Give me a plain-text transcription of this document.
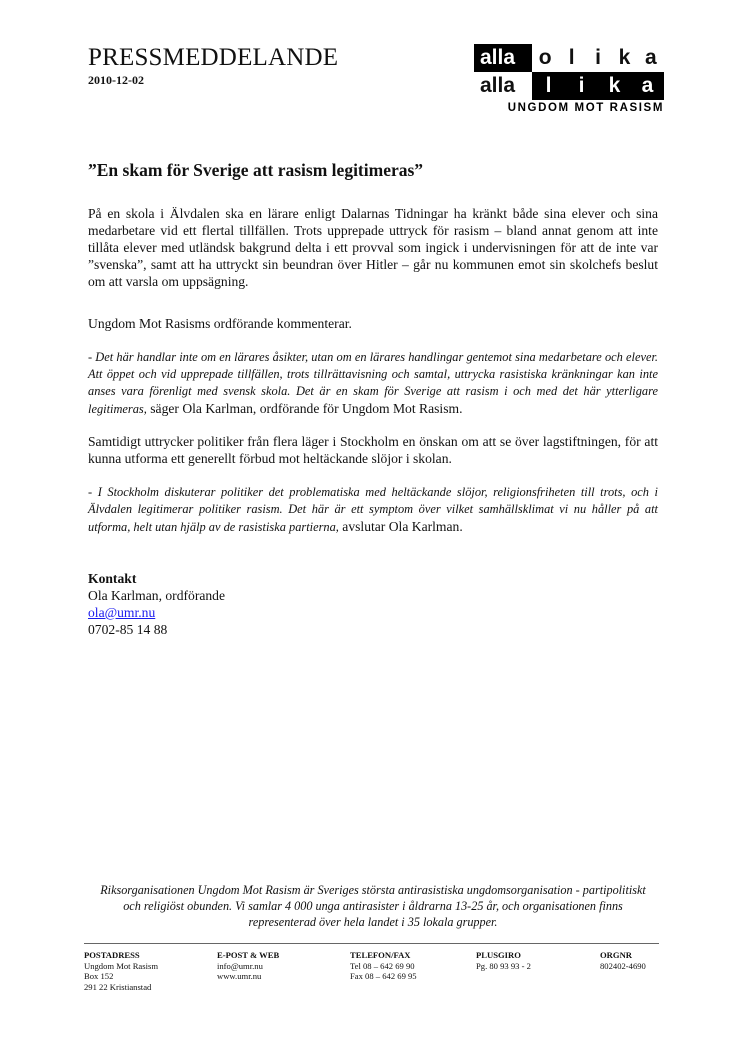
PRESSMEDDELANDE
2010-12-02
alla	o l i k a
alla	l	i	k	a
UNGDOM MOT RASISM
”En skam för Sverige att rasism legitimeras”

På en skola i Älvdalen ska en lärare enligt Dalarnas Tidningar ha kränkt både sina elever och sina medarbetare vid ett flertal tillfällen. Trots upprepade uttryck för rasism – bland annat genom att inte tillåta elever med utländsk bakgrund delta i ett provval som ingick i undervisningen för att de inte var ”svenska”, samt att ha uttryckt sin beundran över Hitler – går nu kommunen emot sin skolchefs beslut om att varsla om uppsägning.

Ungdom Mot Rasisms ordförande kommenterar.

- Det här handlar inte om en lärares åsikter, utan om en lärares handlingar gentemot sina medarbetare och elever. Att öppet och vid upprepade tillfällen, trots tillrättavisning och samtal, uttrycka rasistiska kränkningar kan inte anses vara förenligt med svensk skola. Det är en skam för Sverige att rasism i och med det här ytterligare legitimeras, säger Ola Karlman, ordförande för Ungdom Mot Rasism.

Samtidigt uttrycker politiker från flera läger i Stockholm en önskan om att se över lagstiftningen, för att kunna utforma ett generellt förbud mot heltäckande slöjor i skolan.

- I Stockholm diskuterar politiker det problematiska med heltäckande slöjor, religionsfriheten till trots, och i Älvdalen legitimerar politiker rasism. Det här är ett symptom över vilket samhällsklimat vi nu håller på att utforma, helt utan hjälp av de rasistiska partierna, avslutar Ola Karlman.

Kontakt
Ola Karlman, ordförande
ola@umr.nu
0702-85 14 88
Riksorganisationen Ungdom Mot Rasism är Sveriges största antirasistiska ungdomsorganisation - partipolitiskt och religiöst obunden. Vi samlar 4 000 unga antirasister i åldrarna 13-25 år, och organisationen finns representerad över hela landet i 35 lokala grupper.
POSTADRESS
Ungdom Mot Rasism
Box 152
291 22 Kristianstad
E-POST & WEB
info@umr.nu
www.umr.nu
TELEFON/FAX
Tel 08 – 642 69 90
Fax 08 – 642 69 95
PLUSGIRO
Pg. 80 93 93 - 2
ORGNR
802402-4690
